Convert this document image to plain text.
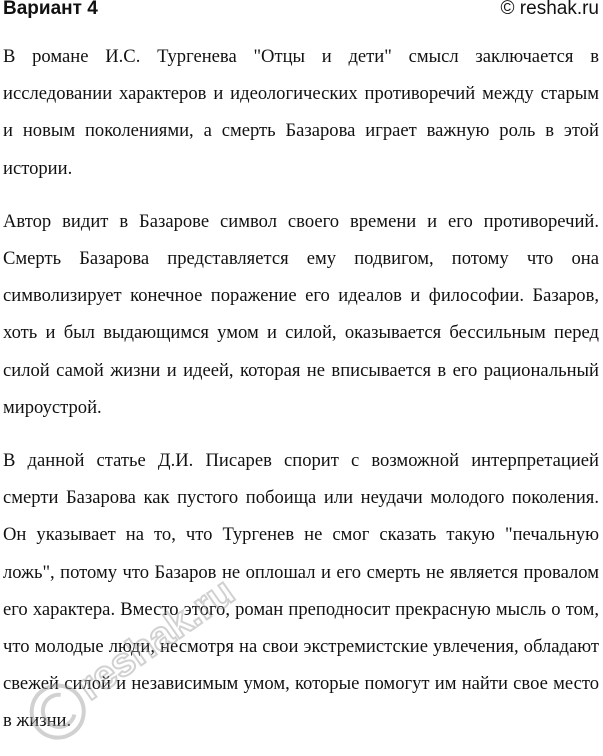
Вариант 4	© reshak.ru

В романе И.С. Тургенева "Отцы и дети" смысл заключается в исследовании характеров и идеологических противоречий между старым и новым поколениями, а смерть Базарова играет важную роль в этой истории.

Автор видит в Базарове символ своего времени и его противоречий. Смерть Базарова представляется ему подвигом, потому что она символизирует конечное поражение его идеалов и философии. Базаров, хоть и был выдающимся умом и силой, оказывается бессильным перед силой самой жизни и идеей, которая не вписывается в его рациональный мироустрой.

В данной статье Д.И. Писарев спорит с возможной интерпретацией смерти Базарова как пустого побоища или неудачи молодого поколения. Он указывает на то, что Тургенев не смог сказать такую "печальную ложь", потому что Базаров не оплошал и его смерть не является провалом его характера. Вместо этого, роман преподносит прекрасную мысль о том, что молодые люди, несмотря на свои экстремистские увлечения, обладают свежей силой и независимым умом, которые помогут им найти свое место в жизни.

reshak.ru
